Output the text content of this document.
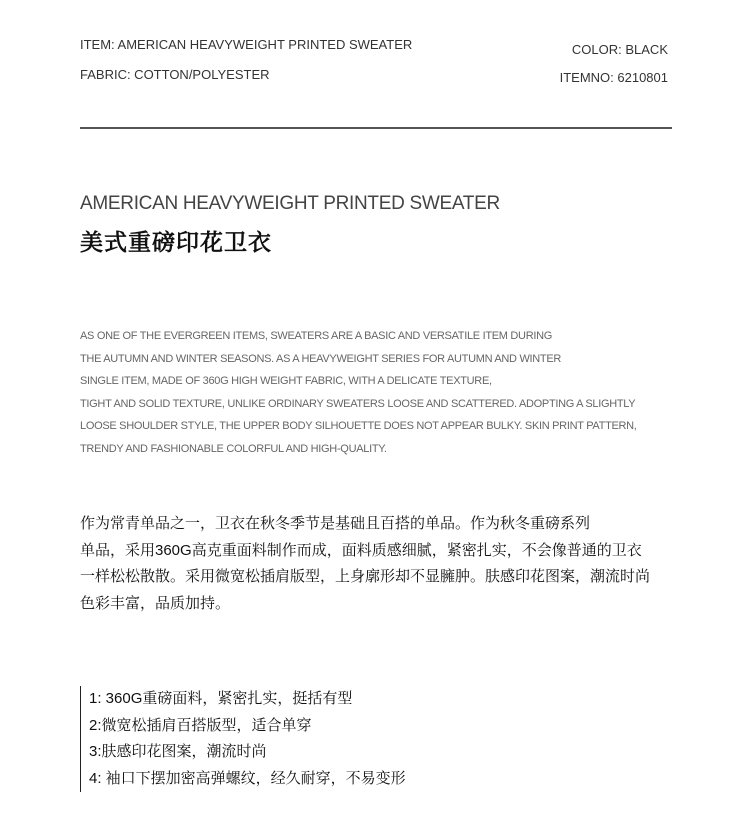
ITEM: AMERICAN HEAVYWEIGHT PRINTED SWEATER
FABRIC: COTTON/POLYESTER
COLOR: BLACK
ITEMNO: 6210801
AMERICAN HEAVYWEIGHT PRINTED SWEATER
美式重磅印花卫衣
AS ONE OF THE EVERGREEN ITEMS, SWEATERS ARE A BASIC AND VERSATILE ITEM DURING
THE AUTUMN AND WINTER SEASONS. AS A HEAVYWEIGHT SERIES FOR AUTUMN AND WINTER
SINGLE ITEM, MADE OF 360G HIGH WEIGHT FABRIC, WITH A DELICATE TEXTURE,
TIGHT AND SOLID TEXTURE, UNLIKE ORDINARY SWEATERS LOOSE AND SCATTERED. ADOPTING A SLIGHTLY
LOOSE SHOULDER STYLE, THE UPPER BODY SILHOUETTE DOES NOT APPEAR BULKY. SKIN PRINT PATTERN,
TRENDY AND FASHIONABLE COLORFUL AND HIGH-QUALITY.
作为常青单品之一，卫衣在秋冬季节是基础且百搭的单品。作为秋冬重磅系列
单品，采用360G高克重面料制作而成，面料质感细腻，紧密扎实，不会像普通的卫衣
一样松松散散。采用微宽松插肩版型，上身廓形却不显臃肿。肤感印花图案，潮流时尚
色彩丰富，品质加持。
1: 360G重磅面料，紧密扎实，挺括有型
2:微宽松插肩百搭版型，适合单穿
3:肤感印花图案，潮流时尚
4: 袖口下摆加密高弹螺纹，经久耐穿，不易变形
